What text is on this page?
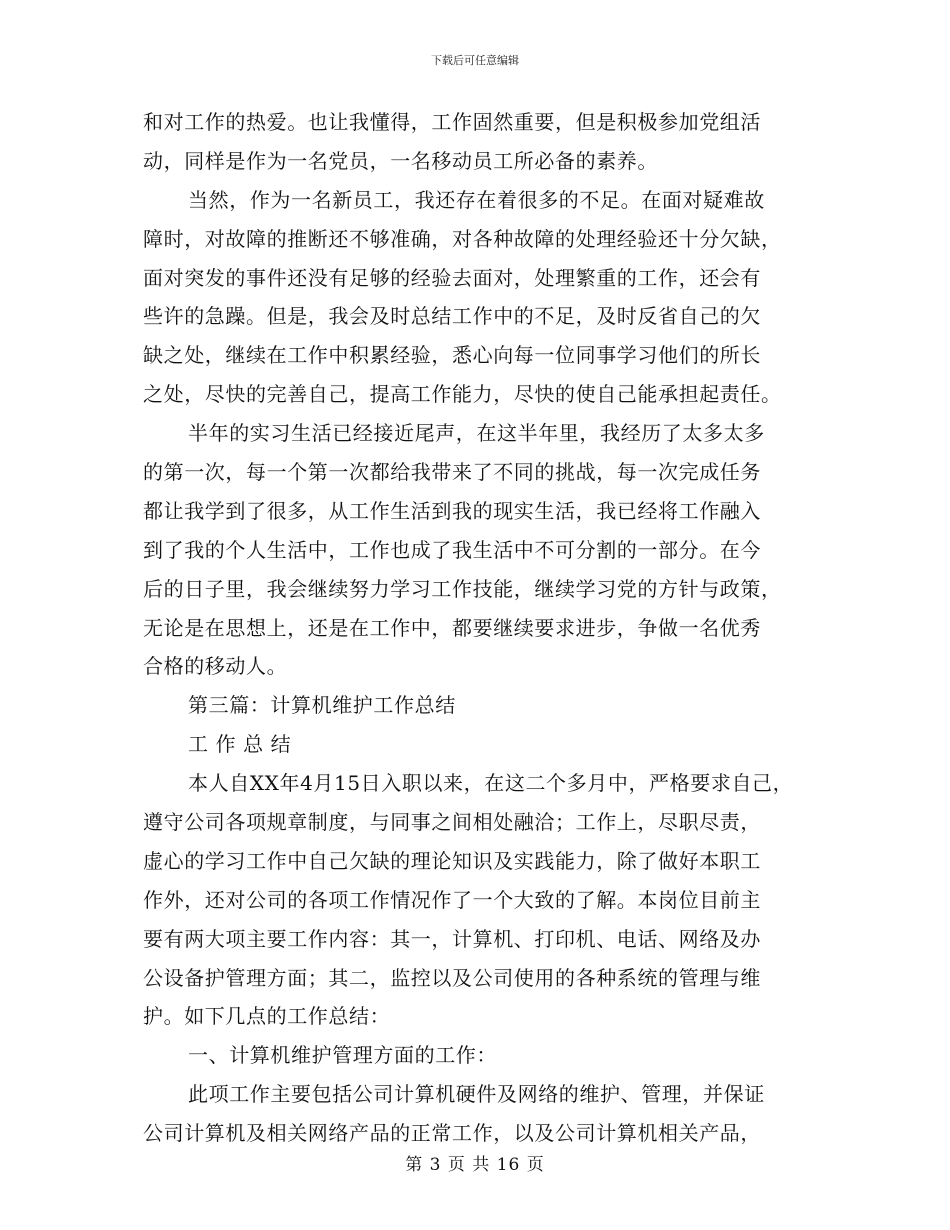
下载后可任意编辑
和对工作的热爱。也让我懂得，工作固然重要，但是积极参加党组活
动，同样是作为一名党员，一名移动员工所必备的素养。
当然，作为一名新员工，我还存在着很多的不足。在面对疑难故
障时，对故障的推断还不够准确，对各种故障的处理经验还十分欠缺，
面对突发的事件还没有足够的经验去面对，处理繁重的工作，还会有
些许的急躁。但是，我会及时总结工作中的不足，及时反省自己的欠
缺之处，继续在工作中积累经验，悉心向每一位同事学习他们的所长
之处，尽快的完善自己，提高工作能力，尽快的使自己能承担起责任。
半年的实习生活已经接近尾声，在这半年里，我经历了太多太多
的第一次，每一个第一次都给我带来了不同的挑战，每一次完成任务
都让我学到了很多，从工作生活到我的现实生活，我已经将工作融入
到了我的个人生活中，工作也成了我生活中不可分割的一部分。在今
后的日子里，我会继续努力学习工作技能，继续学习党的方针与政策，
无论是在思想上，还是在工作中，都要继续要求进步，争做一名优秀
合格的移动人。
第三篇：计算机维护工作总结
工 作 总 结
本人自XX年4月15日入职以来，在这二个多月中，严格要求自己，
遵守公司各项规章制度，与同事之间相处融洽；工作上，尽职尽责，
虚心的学习工作中自己欠缺的理论知识及实践能力，除了做好本职工
作外，还对公司的各项工作情况作了一个大致的了解。本岗位目前主
要有两大项主要工作内容：其一，计算机、打印机、电话、网络及办
公设备护管理方面；其二，监控以及公司使用的各种系统的管理与维
护。如下几点的工作总结：
一、计算机维护管理方面的工作：
此项工作主要包括公司计算机硬件及网络的维护、管理，并保证
公司计算机及相关网络产品的正常工作，以及公司计算机相关产品，
第 3 页 共 16 页
